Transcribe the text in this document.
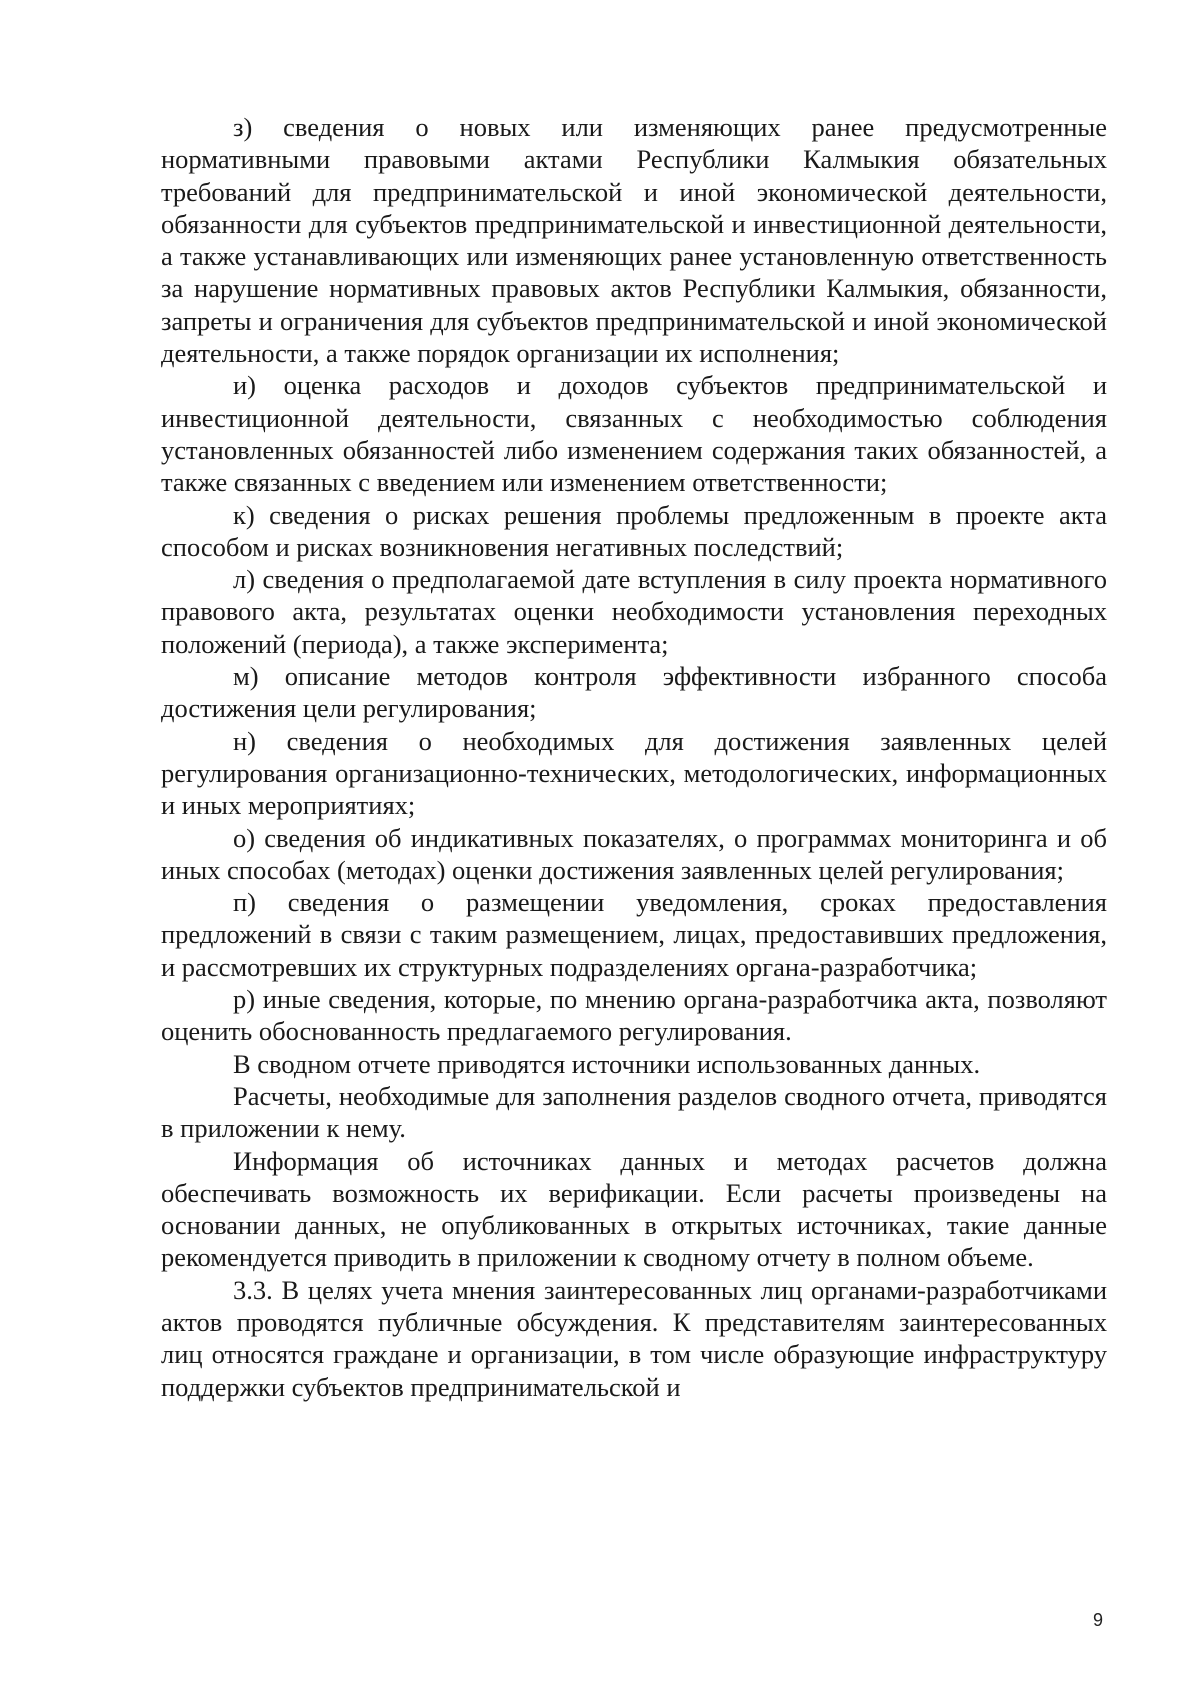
з) сведения о новых или изменяющих ранее предусмотренные нормативными правовыми актами Республики Калмыкия обязательных требований для предпринимательской и иной экономической деятельности, обязанности для субъектов предпринимательской и инвестиционной деятельности, а также устанавливающих или изменяющих ранее установленную ответственность за нарушение нормативных правовых актов Республики Калмыкия, обязанности, запреты и ограничения для субъектов предпринимательской и иной экономической деятельности, а также порядок организации их исполнения;

и) оценка расходов и доходов субъектов предпринимательской и инвестиционной деятельности, связанных с необходимостью соблюдения установленных обязанностей либо изменением содержания таких обязанностей, а также связанных с введением или изменением ответственности;

к) сведения о рисках решения проблемы предложенным в проекте акта способом и рисках возникновения негативных последствий;

л) сведения о предполагаемой дате вступления в силу проекта нормативного правового акта, результатах оценки необходимости установления переходных положений (периода), а также эксперимента;

м) описание методов контроля эффективности избранного способа достижения цели регулирования;

н) сведения о необходимых для достижения заявленных целей регулирования организационно-технических, методологических, информационных и иных мероприятиях;

о) сведения об индикативных показателях, о программах мониторинга и об иных способах (методах) оценки достижения заявленных целей регулирования;

п) сведения о размещении уведомления, сроках предоставления предложений в связи с таким размещением, лицах, предоставивших предложения, и рассмотревших их структурных подразделениях органа-разработчика;

р) иные сведения, которые, по мнению органа-разработчика акта, позволяют оценить обоснованность предлагаемого регулирования.

В сводном отчете приводятся источники использованных данных.

Расчеты, необходимые для заполнения разделов сводного отчета, приводятся в приложении к нему.

Информация об источниках данных и методах расчетов должна обеспечивать возможность их верификации. Если расчеты произведены на основании данных, не опубликованных в открытых источниках, такие данные рекомендуется приводить в приложении к сводному отчету в полном объеме.

3.3. В целях учета мнения заинтересованных лиц органами-разработчиками актов проводятся публичные обсуждения. К представителям заинтересованных лиц относятся граждане и организации, в том числе образующие инфраструктуру поддержки субъектов предпринимательской и

9
